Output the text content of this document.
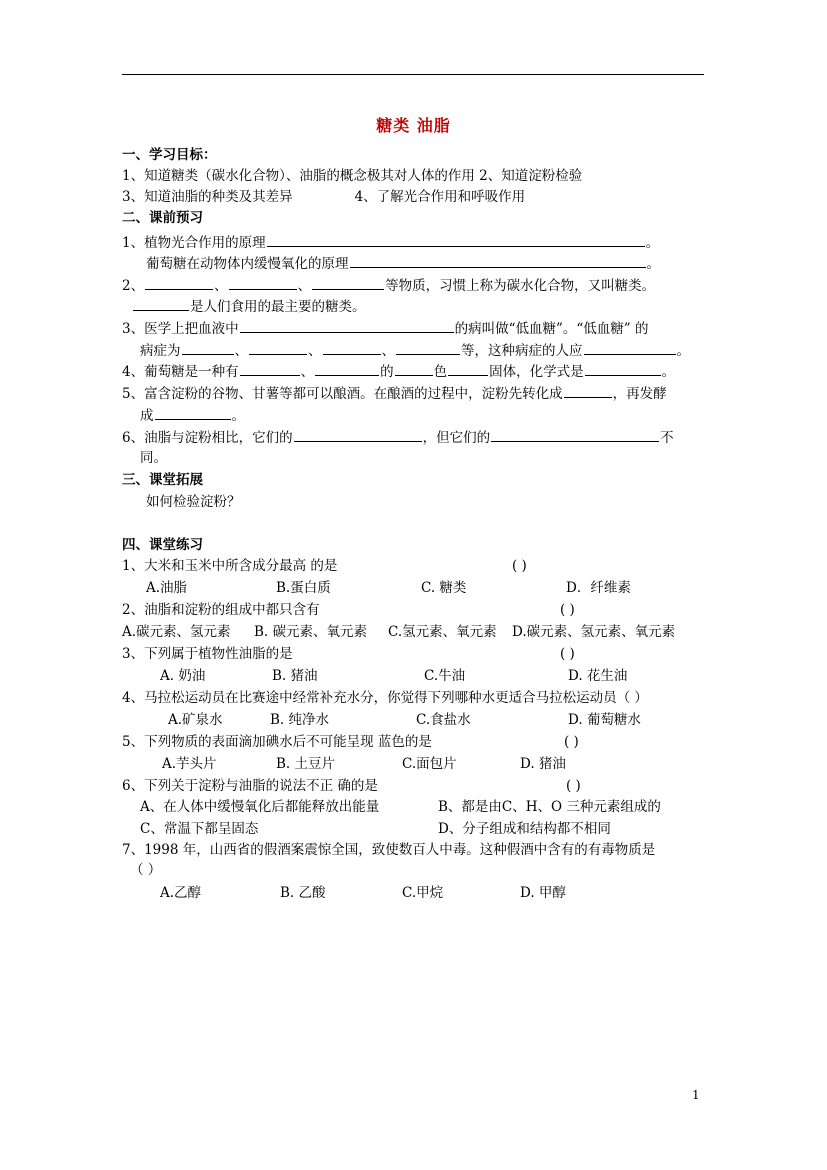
糖类 油脂
一、学习目标：
1、知道糖类（碳水化合物）、油脂的概念极其对人体的作用 2、知道淀粉检验
3、知道油脂的种类及其差异	4、了解光合作用和呼吸作用
二、课前预习
1、植物光合作用的原理	。
葡萄糖在动物体内缓慢氧化的原理	。
2、	、	、	等物质，习惯上称为碳水化合物，又叫糖类。
是人们食用的最主要的糖类。
3、医学上把血液中	的病叫做“低血糖”。“低血糖” 的
病症为	、	、	、	等，这种病症的人应	。
4、葡萄糖是一种有	、	的	色	固体，化学式是	。
5、富含淀粉的谷物、甘薯等都可以酿酒。在酿酒的过程中，淀粉先转化成	，再发酵
成	。
6、油脂与淀粉相比，它们的	，但它们的	不
同。
三、课堂拓展
如何检验淀粉？
四、课堂练习
1、大米和玉米中所含成分最高 的是	( )
A.油脂	B.蛋白质	C. 糖类	D．纤维素
2、油脂和淀粉的组成中都只含有	( )
A.碳元素、氢元素 B. 碳元素、氧元素 C.氢元素、氧元素 D.碳元素、氢元素、氧元素
3、下列属于植物性油脂的是	( )
A. 奶油	B. 猪油	C.牛油	D. 花生油
4、马拉松运动员在比赛途中经常补充水分，你觉得下列哪种水更适合马拉松运动员（ ）
A.矿泉水	B. 纯净水	C.食盐水	D. 葡萄糖水
5、下列物质的表面滴加碘水后不可能呈现 蓝色的是	( )
A.芋头片	B. 土豆片	C.面包片	D. 猪油
6、下列关于淀粉与油脂的说法不正 确的是	( )
A、在人体中缓慢氧化后都能释放出能量	B、都是由C、H、O 三种元素组成的
C、常温下都呈固态	D、分子组成和结构都不相同
7、1998 年，山西省的假酒案震惊全国，致使数百人中毒。这种假酒中含有的有毒物质是
（ ）
A.乙醇	B. 乙酸	C.甲烷	D. 甲醇
1
